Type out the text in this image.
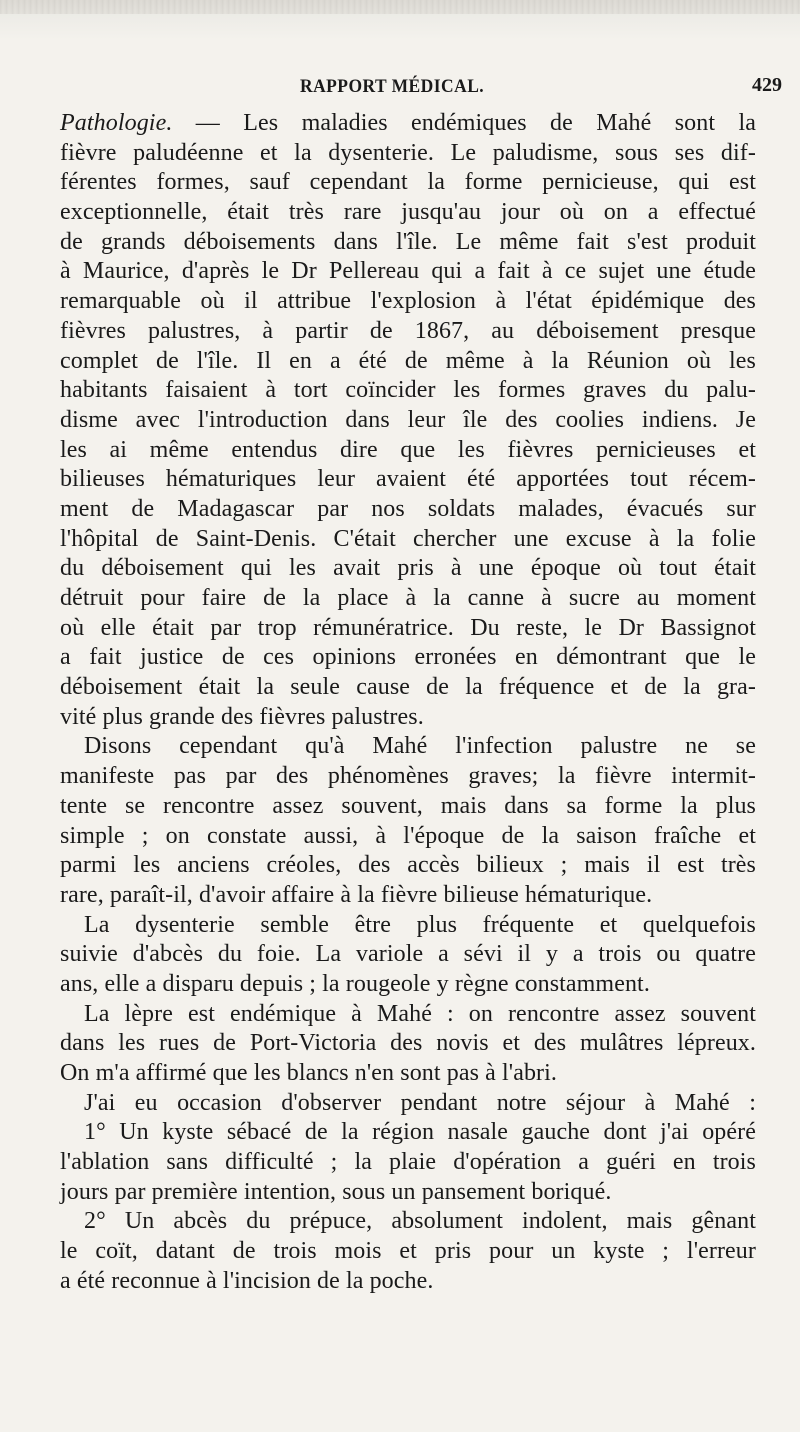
RAPPORT MÉDICAL.	429
Pathologie. — Les maladies endémiques de Mahé sont la
fièvre paludéenne et la dysenterie. Le paludisme, sous ses dif-
férentes formes, sauf cependant la forme pernicieuse, qui est
exceptionnelle, était très rare jusqu'au jour où on a effectué
de grands déboisements dans l'île. Le même fait s'est produit
à Maurice, d'après le Dr Pellereau qui a fait à ce sujet une étude
remarquable où il attribue l'explosion à l'état épidémique des
fièvres palustres, à partir de 1867, au déboisement presque
complet de l'île. Il en a été de même à la Réunion où les
habitants faisaient à tort coïncider les formes graves du palu-
disme avec l'introduction dans leur île des coolies indiens. Je
les ai même entendus dire que les fièvres pernicieuses et
bilieuses hématuriques leur avaient été apportées tout récem-
ment de Madagascar par nos soldats malades, évacués sur
l'hôpital de Saint-Denis. C'était chercher une excuse à la folie
du déboisement qui les avait pris à une époque où tout était
détruit pour faire de la place à la canne à sucre au moment
où elle était par trop rémunératrice. Du reste, le Dr Bassignot
a fait justice de ces opinions erronées en démontrant que le
déboisement était la seule cause de la fréquence et de la gra-
vité plus grande des fièvres palustres.
Disons cependant qu'à Mahé l'infection palustre ne se
manifeste pas par des phénomènes graves; la fièvre intermit-
tente se rencontre assez souvent, mais dans sa forme la plus
simple ; on constate aussi, à l'époque de la saison fraîche et
parmi les anciens créoles, des accès bilieux ; mais il est très
rare, paraît-il, d'avoir affaire à la fièvre bilieuse hématurique.
La dysenterie semble être plus fréquente et quelquefois
suivie d'abcès du foie. La variole a sévi il y a trois ou quatre
ans, elle a disparu depuis ; la rougeole y règne constamment.
La lèpre est endémique à Mahé : on rencontre assez souvent
dans les rues de Port-Victoria des novis et des mulâtres lépreux.
On m'a affirmé que les blancs n'en sont pas à l'abri.
J'ai eu occasion d'observer pendant notre séjour à Mahé :
1° Un kyste sébacé de la région nasale gauche dont j'ai opéré
l'ablation sans difficulté ; la plaie d'opération a guéri en trois
jours par première intention, sous un pansement boriqué.
2° Un abcès du prépuce, absolument indolent, mais gênant
le coït, datant de trois mois et pris pour un kyste ; l'erreur
a été reconnue à l'incision de la poche.
